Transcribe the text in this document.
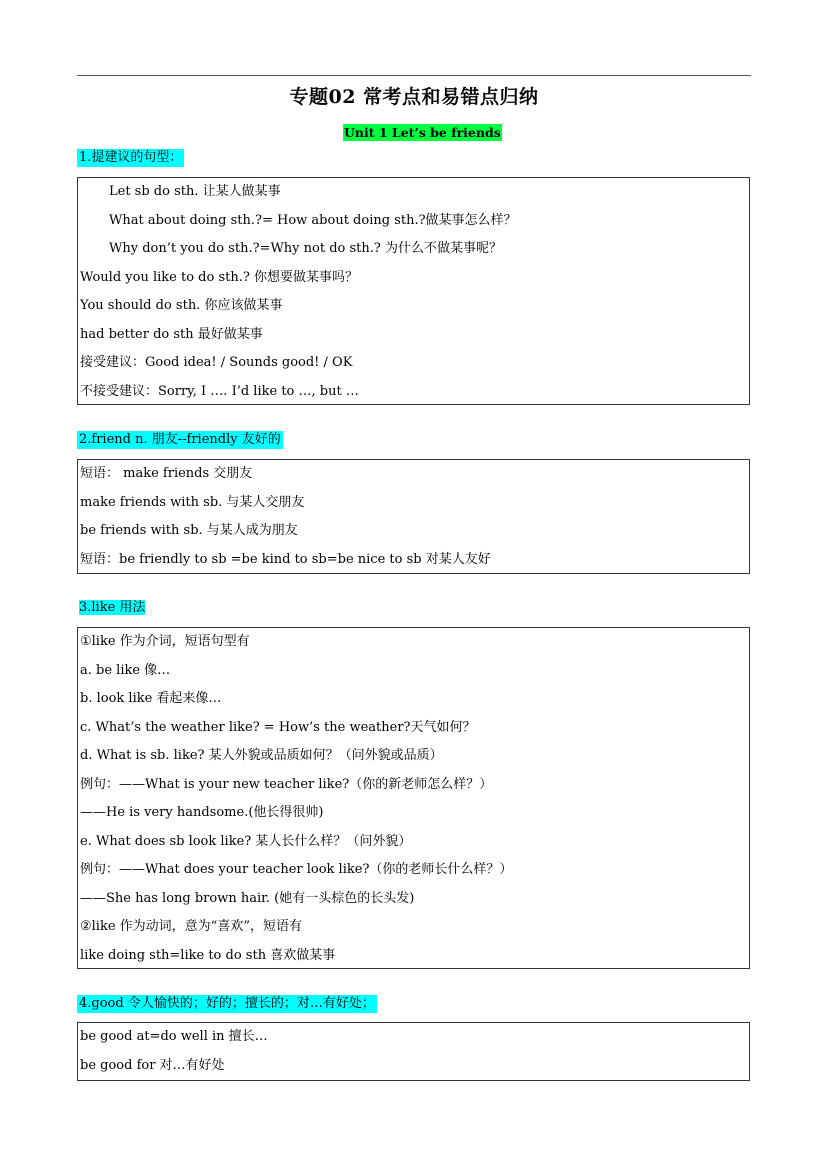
专题02 常考点和易错点归纳
Unit 1 Let’s be friends
1.提建议的句型：
Let sb do sth. 让某人做某事
What about doing sth.?= How about doing sth.?做某事怎么样？
Why don’t you do sth.?=Why not do sth.? 为什么不做某事呢？
Would you like to do sth.? 你想要做某事吗？
You should do sth. 你应该做某事
had better do sth 最好做某事
接受建议：Good idea! / Sounds good! / OK
不接受建议：Sorry, I …. I’d like to …, but …
2.friend n. 朋友--friendly 友好的
短语： make friends 交朋友
make friends with sb. 与某人交朋友
be friends with sb. 与某人成为朋友
短语：be friendly to sb =be kind to sb=be nice to sb 对某人友好
3.like 用法
①like 作为介词，短语句型有
a. be like 像…
b. look like 看起来像…
c. What’s the weather like? = How’s the weather?天气如何？
d. What is sb. like? 某人外貌或品质如何？（问外貌或品质）
例句：——What is your new teacher like?（你的新老师怎么样？）
——He is very handsome.(他长得很帅)
e. What does sb look like? 某人长什么样？（问外貌）
例句：——What does your teacher look like?（你的老师长什么样？）
——She has long brown hair. (她有一头棕色的长头发)
②like 作为动词，意为“喜欢”，短语有
like doing sth=like to do sth 喜欢做某事
4.good 令人愉快的；好的；擅长的；对…有好处；
be good at=do well in 擅长…
be good for 对…有好处
